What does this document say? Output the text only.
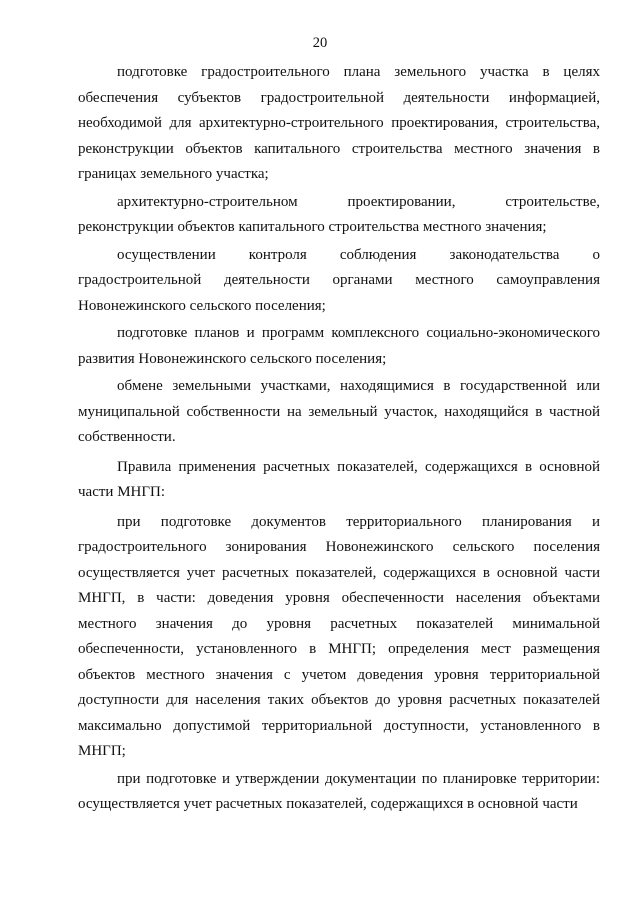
20

подготовке градостроительного плана земельного участка в целях обеспечения субъектов градостроительной деятельности информацией, необходимой для архитектурно-строительного проектирования, строительства, реконструкции объектов капитального строительства местного значения в границах земельного участка;

архитектурно-строительном проектировании, строительстве, реконструкции объектов капитального строительства местного значения;

осуществлении контроля соблюдения законодательства о градостроительной деятельности органами местного самоуправления Новонежинского сельского поселения;

подготовке планов и программ комплексного социально-экономического развития Новонежинского сельского поселения;

обмене земельными участками, находящимися в государственной или муниципальной собственности на земельный участок, находящийся в частной собственности.

Правила применения расчетных показателей, содержащихся в основной части МНГП:

при подготовке документов территориального планирования и градостроительного зонирования Новонежинского сельского поселения осуществляется учет расчетных показателей, содержащихся в основной части МНГП, в части: доведения уровня обеспеченности населения объектами местного значения до уровня расчетных показателей минимальной обеспеченности, установленного в МНГП; определения мест размещения объектов местного значения с учетом доведения уровня территориальной доступности для населения таких объектов до уровня расчетных показателей максимально допустимой территориальной доступности, установленного в МНГП;

при подготовке и утверждении документации по планировке территории: осуществляется учет расчетных показателей, содержащихся в основной части
